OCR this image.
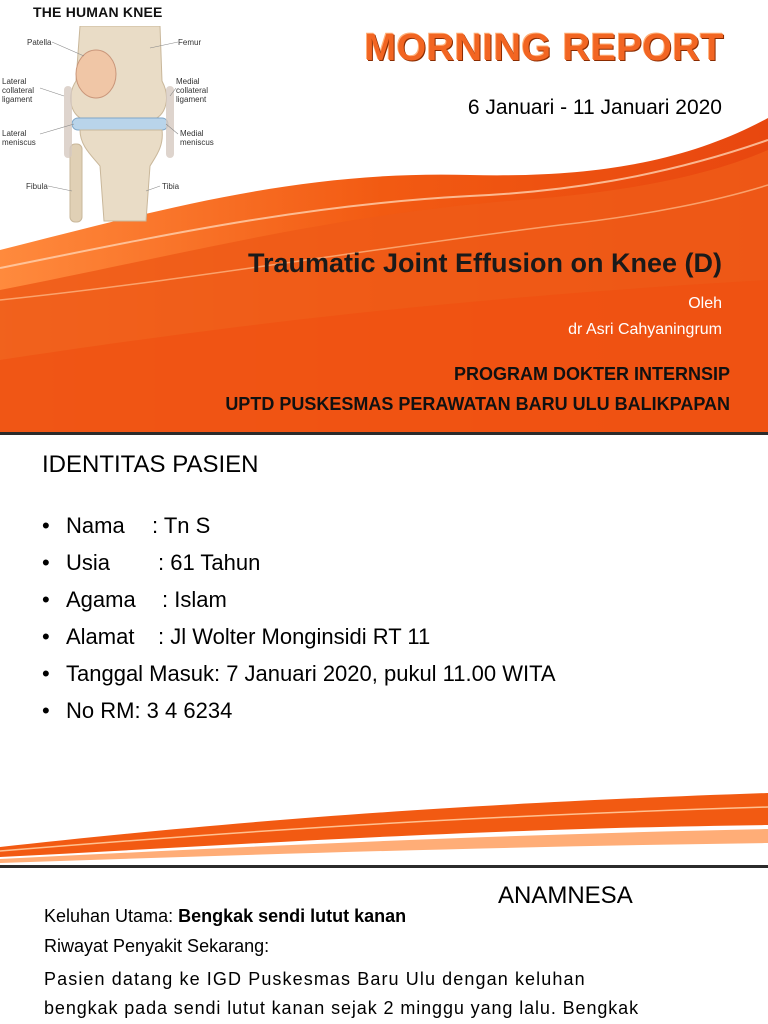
THE HUMAN KNEE
Patella	Femur
Lateral
collateral
ligament
Medial
collateral
ligament
Lateral
meniscus
Medial
meniscus
Fibula	Tibia
MORNING REPORT
6 Januari - 11 Januari 2020
Traumatic Joint Effusion on Knee (D)
Oleh
dr Asri Cahyaningrum
PROGRAM DOKTER INTERNSIP
UPTD PUSKESMAS PERAWATAN BARU ULU BALIKPAPAN
IDENTITAS PASIEN
• Nama	: Tn S
• Usia	: 61 Tahun
• Agama	: Islam
• Alamat	: Jl Wolter Monginsidi RT 11
• Tanggal Masuk: 7 Januari 2020, pukul 11.00 WITA
• No RM: 3 4 6234
ANAMNESA
Keluhan Utama: Bengkak sendi lutut kanan
Riwayat Penyakit Sekarang:
Pasien datang ke IGD Puskesmas Baru Ulu dengan keluhan
bengkak pada sendi lutut kanan sejak 2 minggu yang lalu. Bengkak
